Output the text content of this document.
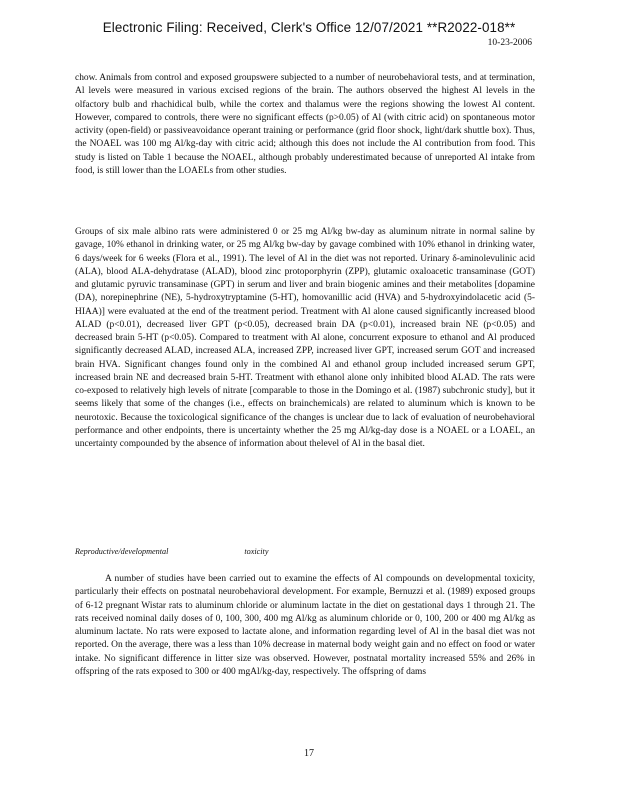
Electronic Filing: Received, Clerk's Office 12/07/2021 **R2022-018**
10-23-2006

chow. Animals from control and exposed groupswere subjected to a number of neurobehavioral tests, and at termination, Al levels were measured in various excised regions of the brain. The authors observed the highest Al levels in the olfactory bulb and rhachidical bulb, while the cortex and thalamus were the regions showing the lowest Al content. However, compared to controls, there were no significant effects (p>0.05) of Al (with citric acid) on spontaneous motor activity (open-field) or passiveavoidance operant training or performance (grid floor shock, light/dark shuttle box). Thus, the NOAEL was 100 mg Al/kg-day with citric acid; although this does not include the Al contribution from food. This study is listed on Table 1 because the NOAEL, although probably underestimated because of unreported Al intake from food, is still lower than the LOAELs from other studies.

Groups of six male albino rats were administered 0 or 25 mg Al/kg bw-day as aluminum nitrate in normal saline by gavage, 10% ethanol in drinking water, or 25 mg Al/kg bw-day by gavage combined with 10% ethanol in drinking water, 6 days/week for 6 weeks (Flora et al., 1991). The level of Al in the diet was not reported. Urinary δ-aminolevulinic acid (ALA), blood ALA-dehydratase (ALAD), blood zinc protoporphyrin (ZPP), glutamic oxaloacetic transaminase (GOT) and glutamic pyruvic transaminase (GPT) in serum and liver and brain biogenic amines and their metabolites [dopamine (DA), norepinephrine (NE), 5-hydroxytryptamine (5-HT), homovanillic acid (HVA) and 5-hydroxyindolacetic acid (5-HIAA)] were evaluated at the end of the treatment period. Treatment with Al alone caused significantly increased blood ALAD (p<0.01), decreased liver GPT (p<0.05), decreased brain DA (p<0.01), increased brain NE (p<0.05) and decreased brain 5-HT (p<0.05). Compared to treatment with Al alone, concurrent exposure to ethanol and Al produced significantly decreased ALAD, increased ALA, increased ZPP, increased liver GPT, increased serum GOT and increased brain HVA. Significant changes found only in the combined Al and ethanol group included increased serum GPT, increased brain NE and decreased brain 5-HT. Treatment with ethanol alone only inhibited blood ALAD. The rats were co-exposed to relatively high levels of nitrate [comparable to those in the Domingo et al. (1987) subchronic study], but it seems likely that some of the changes (i.e., effects on brainchemicals) are related to aluminum which is known to be neurotoxic. Because the toxicological significance of the changes is unclear due to lack of evaluation of neurobehavioral performance and other endpoints, there is uncertainty whether the 25 mg Al/kg-day dose is a NOAEL or a LOAEL, an uncertainty compounded by the absence of information about thelevel of Al in the basal diet.

Reproductive/developmental	toxicity

A number of studies have been carried out to examine the effects of Al compounds on developmental toxicity, particularly their effects on postnatal neurobehavioral development. For example, Bernuzzi et al. (1989) exposed groups of 6-12 pregnant Wistar rats to aluminum chloride or aluminum lactate in the diet on gestational days 1 through 21. The rats received nominal daily doses of 0, 100, 300, 400 mg Al/kg as aluminum chloride or 0, 100, 200 or 400 mg Al/kg as aluminum lactate. No rats were exposed to lactate alone, and information regarding level of Al in the basal diet was not reported. On the average, there was a less than 10% decrease in maternal body weight gain and no effect on food or water intake. No significant difference in litter size was observed. However, postnatal mortality increased 55% and 26% in offspring of the rats exposed to 300 or 400 mgAl/kg-day, respectively. The offspring of dams

17
